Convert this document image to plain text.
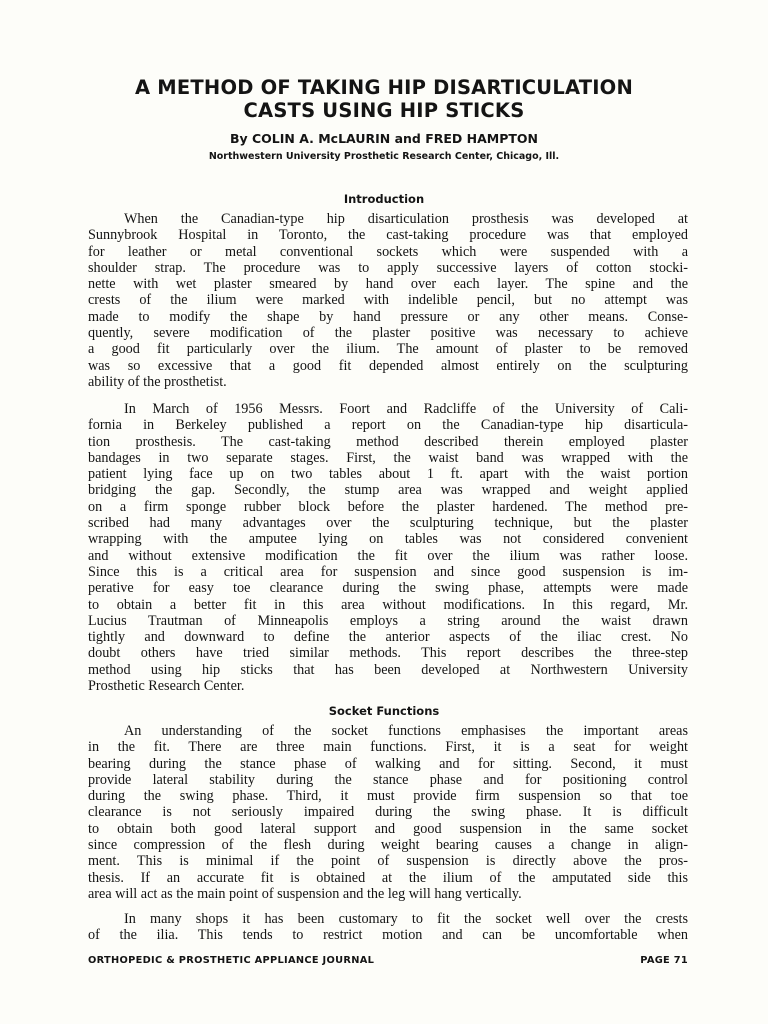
A METHOD OF TAKING HIP DISARTICULATION
CASTS USING HIP STICKS

By COLIN A. McLAURIN and FRED HAMPTON

Northwestern University Prosthetic Research Center, Chicago, Ill.

Introduction
When the Canadian-type hip disarticulation prosthesis was developed at
Sunnybrook Hospital in Toronto, the cast-taking procedure was that employed
for leather or metal conventional sockets which were suspended with a
shoulder strap. The procedure was to apply successive layers of cotton stocki-
nette with wet plaster smeared by hand over each layer. The spine and the
crests of the ilium were marked with indelible pencil, but no attempt was
made to modify the shape by hand pressure or any other means. Conse-
quently, severe modification of the plaster positive was necessary to achieve
a good fit particularly over the ilium. The amount of plaster to be removed
was so excessive that a good fit depended almost entirely on the sculpturing
ability of the prosthetist.
In March of 1956 Messrs. Foort and Radcliffe of the University of Cali-
fornia in Berkeley published a report on the Canadian-type hip disarticula-
tion prosthesis. The cast-taking method described therein employed plaster
bandages in two separate stages. First, the waist band was wrapped with the
patient lying face up on two tables about 1 ft. apart with the waist portion
bridging the gap. Secondly, the stump area was wrapped and weight applied
on a firm sponge rubber block before the plaster hardened. The method pre-
scribed had many advantages over the sculpturing technique, but the plaster
wrapping with the amputee lying on tables was not considered convenient
and without extensive modification the fit over the ilium was rather loose.
Since this is a critical area for suspension and since good suspension is im-
perative for easy toe clearance during the swing phase, attempts were made
to obtain a better fit in this area without modifications. In this regard, Mr.
Lucius Trautman of Minneapolis employs a string around the waist drawn
tightly and downward to define the anterior aspects of the iliac crest. No
doubt others have tried similar methods. This report describes the three-step
method using hip sticks that has been developed at Northwestern University
Prosthetic Research Center.
Socket Functions
An understanding of the socket functions emphasises the important areas
in the fit. There are three main functions. First, it is a seat for weight
bearing during the stance phase of walking and for sitting. Second, it must
provide lateral stability during the stance phase and for positioning control
during the swing phase. Third, it must provide firm suspension so that toe
clearance is not seriously impaired during the swing phase. It is difficult
to obtain both good lateral support and good suspension in the same socket
since compression of the flesh during weight bearing causes a change in align-
ment. This is minimal if the point of suspension is directly above the pros-
thesis. If an accurate fit is obtained at the ilium of the amputated side this
area will act as the main point of suspension and the leg will hang vertically.
In many shops it has been customary to fit the socket well over the crests
of the ilia. This tends to restrict motion and can be uncomfortable when
ORTHOPEDIC & PROSTHETIC APPLIANCE JOURNAL	PAGE 71
